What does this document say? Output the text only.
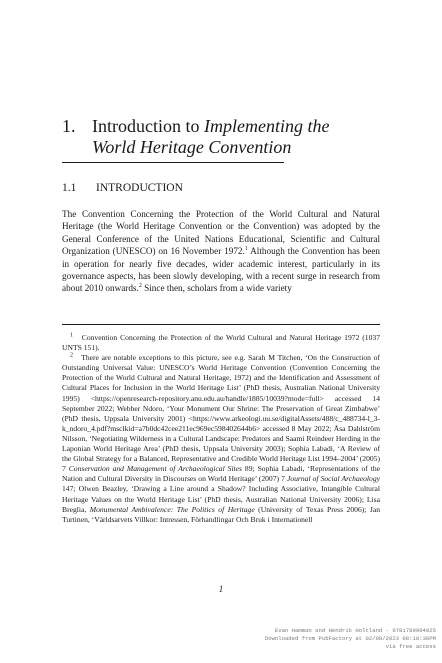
1. Introduction to Implementing the
World Heritage Convention
1.1 INTRODUCTION

The Convention Concerning the Protection of the World Cultural and Natural Heritage (the World Heritage Convention or the Convention) was adopted by the General Conference of the United Nations Educational, Scientific and Cultural Organization (UNESCO) on 16 November 1972.$^1$ Although the Convention has been in operation for nearly five decades, wider academic interest, particularly in its governance aspects, has been slowly developing, with a recent surge in research from about 2010 onwards.$^2$ Since then, scholars from a wide variety

$^1$ Convention Concerning the Protection of the World Cultural and Natural Heritage 1972 (1037 UNTS 151).

$^2$ There are notable exceptions to this picture, see e.g. Sarah M Titchen, ‘On the Construction of Outstanding Universal Value: UNESCO’s World Heritage Convention (Convention Concerning the Protection of the World Cultural and Natural Heritage, 1972) and the Identification and Assessment of Cultural Places for Inclusion in the World Heritage List’ (PhD thesis, Australian National University 1995) <https://openresearch-repository.anu.edu.au/handle/1885/10039?mode=full> accessed 14 September 2022; Webber Ndoro, ‘Your Monument Our Shrine: The Preservation of Great Zimbabwe’ (PhD thesis, Uppsala University 2001) <https://www.arkeologi.uu.se/digitalAssets/488/c_488734-l_3-k_ndoro_4.pdf?msclkid=a7b0dc42cee211ec969ec598402644b6> accessed 8 May 2022; Åsa Dahlström Nilsson, ‘Negotiating Wilderness in a Cultural Landscape: Predators and Saami Reindeer Herding in the Laponian World Heritage Area’ (PhD thesis, Uppsala University 2003); Sophia Labadi, ‘A Review of the Global Strategy for a Balanced, Representative and Credible World Heritage List 1994–2004’ (2005) 7 Conservation and Management of Archaeological Sites 89; Sophia Labadi, ‘Representations of the Nation and Cultural Diversity in Discourses on World Heritage’ (2007) 7 Journal of Social Archaeology 147; Olwen Beazley, ‘Drawing a Line around a Shadow? Including Associative, Intangible Cultural Heritage Values on the World Heritage List’ (PhD thesis, Australian National University 2006); Lisa Breglia, Monumental Ambivalence: The Politics of Heritage (University of Texas Press 2006); Jan Turtinen, ‘Världsarvets Villkor: Intressen, Förhandlingar Och Bruk i Internationell

1
Evan Hamman and Hendrik Holtland - 9781789904925
Downloaded from PubFactory at 02/08/2023 08:18:36PM
via free access
